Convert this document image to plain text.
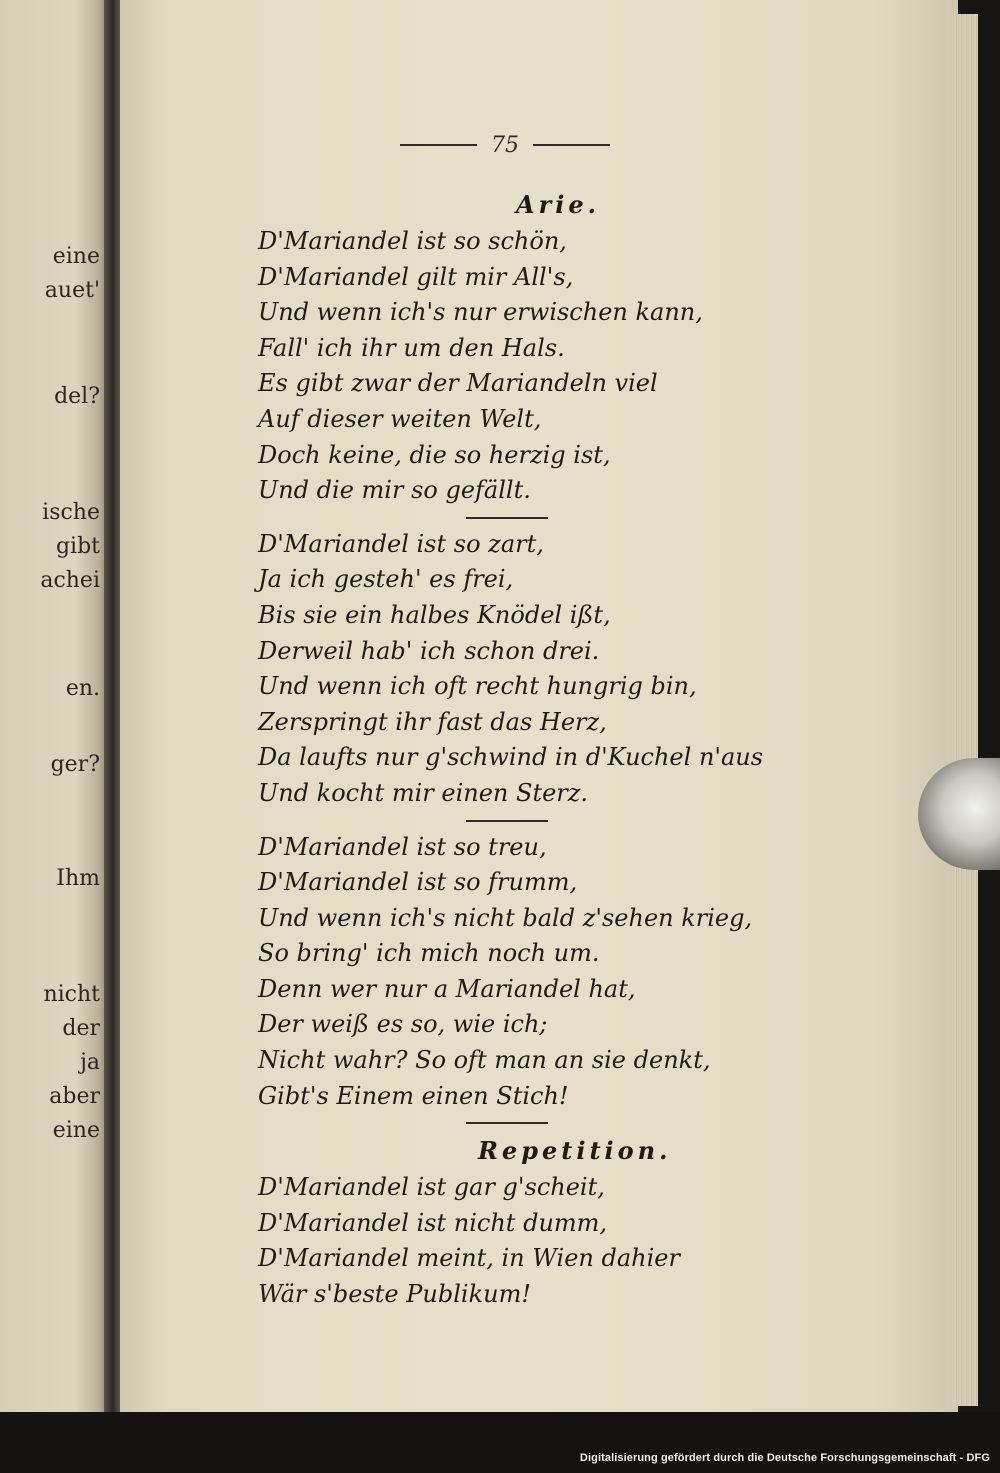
eine
auet'
del?
ische
gibt
achei
en.
ger?
Ihm
nicht
der
ja
aber
eine
75
Arie.
D'Mariandel ist so schön,
D'Mariandel gilt mir All's,
Und wenn ich's nur erwischen kann,
Fall' ich ihr um den Hals.
Es gibt zwar der Mariandeln viel
Auf dieser weiten Welt,
Doch keine, die so herzig ist,
Und die mir so gefällt.
D'Mariandel ist so zart,
Ja ich gesteh' es frei,
Bis sie ein halbes Knödel ißt,
Derweil hab' ich schon drei.
Und wenn ich oft recht hungrig bin,
Zerspringt ihr fast das Herz,
Da laufts nur g'schwind in d'Kuchel n'aus
Und kocht mir einen Sterz.
D'Mariandel ist so treu,
D'Mariandel ist so frumm,
Und wenn ich's nicht bald z'sehen krieg,
So bring' ich mich noch um.
Denn wer nur a Mariandel hat,
Der weiß es so, wie ich;
Nicht wahr? So oft man an sie denkt,
Gibt's Einem einen Stich!
Repetition.
D'Mariandel ist gar g'scheit,
D'Mariandel ist nicht dumm,
D'Mariandel meint, in Wien dahier
Wär s'beste Publikum!
Digitalisierung gefördert durch die Deutsche Forschungsgemeinschaft - DFG
